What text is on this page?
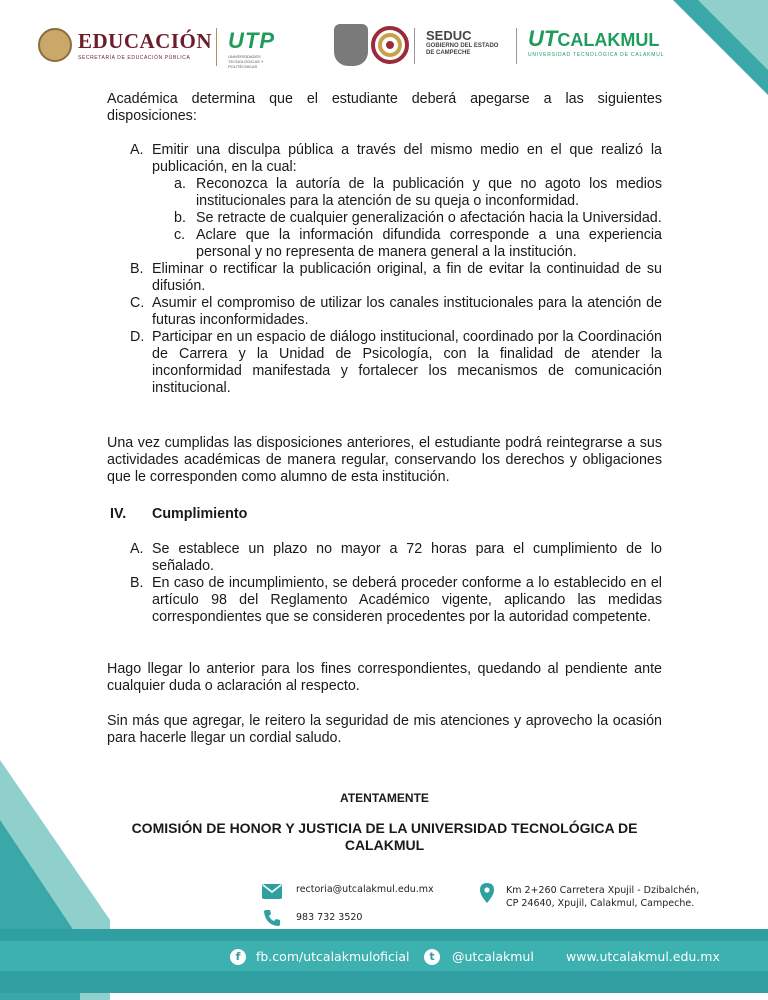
EDUCACIÓN
SECRETARÍA DE EDUCACIÓN PÚBLICA
UTP
UNIVERSIDADES TECNOLÓGICAS Y POLITÉCNICAS
SEDUC
GOBIERNO DEL ESTADO
DE CAMPECHE
UTCALAKMUL
UNIVERSIDAD TECNOLÓGICA DE CALAKMUL

Académica determina que el estudiante deberá apegarse a las siguientes disposiciones:

A. Emitir una disculpa pública a través del mismo medio en el que realizó la publicación, en la cual:
a. Reconozca la autoría de la publicación y que no agoto los medios institucionales para la atención de su queja o inconformidad.
b. Se retracte de cualquier generalización o afectación hacia la Universidad.
c. Aclare que la información difundida corresponde a una experiencia personal y no representa de manera general a la institución.
B. Eliminar o rectificar la publicación original, a fin de evitar la continuidad de su difusión.
C. Asumir el compromiso de utilizar los canales institucionales para la atención de futuras inconformidades.
D. Participar en un espacio de diálogo institucional, coordinado por la Coordinación de Carrera y la Unidad de Psicología, con la finalidad de atender la inconformidad manifestada y fortalecer los mecanismos de comunicación institucional.

Una vez cumplidas las disposiciones anteriores, el estudiante podrá reintegrarse a sus actividades académicas de manera regular, conservando los derechos y obligaciones que le corresponden como alumno de esta institución.

IV. Cumplimiento
A. Se establece un plazo no mayor a 72 horas para el cumplimiento de lo señalado.
B. En caso de incumplimiento, se deberá proceder conforme a lo establecido en el artículo 98 del Reglamento Académico vigente, aplicando las medidas correspondientes que se consideren procedentes por la autoridad competente.

Hago llegar lo anterior para los fines correspondientes, quedando al pendiente ante cualquier duda o aclaración al respecto.

Sin más que agregar, le reitero la seguridad de mis atenciones y aprovecho la ocasión para hacerle llegar un cordial saludo.

ATENTAMENTE
COMISIÓN DE HONOR Y JUSTICIA DE LA UNIVERSIDAD TECNOLÓGICA DE
CALAKMUL
rectoria@utcalakmul.edu.mx
983 732 3520
Km 2+260 Carretera Xpujil - Dzibalchén,
CP 24640, Xpujil, Calakmul, Campeche.
f	fb.com/utcalakmuloficial	t	@utcalakmul	www.utcalakmul.edu.mx
